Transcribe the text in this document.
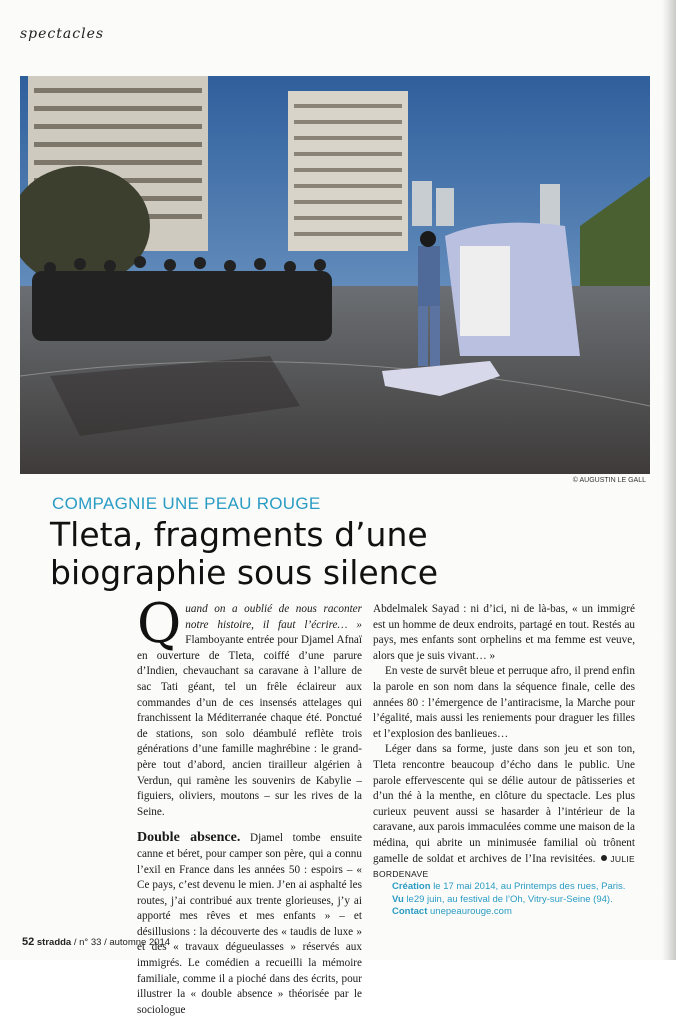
spectacles
© AUGUSTIN LE GALL
COMPAGNIE UNE PEAU ROUGE
Tleta, fragments d’une biographie sous silence

Q uand on a oublié de nous raconter notre histoire, il faut l’écrire… » Flamboyante entrée pour Djamel Afnaï en ouverture de Tleta, coiffé d’une parure d’Indien, chevauchant sa caravane à l’allure de sac Tati géant, tel un frêle éclaireur aux commandes d’un de ces insensés attelages qui franchissent la Méditerranée chaque été. Ponctué de stations, son solo déambulé reflète trois générations d’une famille maghrébine : le grand-père tout d’abord, ancien tirailleur algérien à Verdun, qui ramène les souvenirs de Kabylie – figuiers, oliviers, moutons – sur les rives de la Seine.

Double absence. Djamel tombe ensuite canne et béret, pour camper son père, qui a connu l’exil en France dans les années 50 : espoirs – « Ce pays, c’est devenu le mien. J’en ai asphalté les routes, j’ai contribué aux trente glorieuses, j’y ai apporté mes rêves et mes enfants » – et désillusions : la découverte des « taudis de luxe » et des « travaux dégueulasses » réservés aux immigrés. Le comédien a recueilli la mémoire familiale, comme il a pioché dans des écrits, pour illustrer la « double absence » théorisée par le sociologue

Abdelmalek Sayad : ni d’ici, ni de là-bas, « un immigré est un homme de deux endroits, partagé en tout. Restés au pays, mes enfants sont orphelins et ma femme est veuve, alors que je suis vivant… »

En veste de survêt bleue et perruque afro, il prend enfin la parole en son nom dans la séquence finale, celle des années 80 : l’émergence de l’antiracisme, la Marche pour l’égalité, mais aussi les reniements pour draguer les filles et l’explosion des banlieues…

Léger dans sa forme, juste dans son jeu et son ton, Tleta rencontre beaucoup d’écho dans le public. Une parole effervescente qui se délie autour de pâtisseries et d’un thé à la menthe, en clôture du spectacle. Les plus curieux peuvent aussi se hasarder à l’intérieur de la caravane, aux parois immaculées comme une maison de la médina, qui abrite un minimusée familial où trônent gamelle de soldat et archives de l’Ina revisitées. JULIE BORDENAVE

Création le 17 mai 2014, au Printemps des rues, Paris.
Vu le29 juin, au festival de l’Oh, Vitry-sur-Seine (94).
Contact unepeaurouge.com
52 stradda / n° 33 / automne 2014
